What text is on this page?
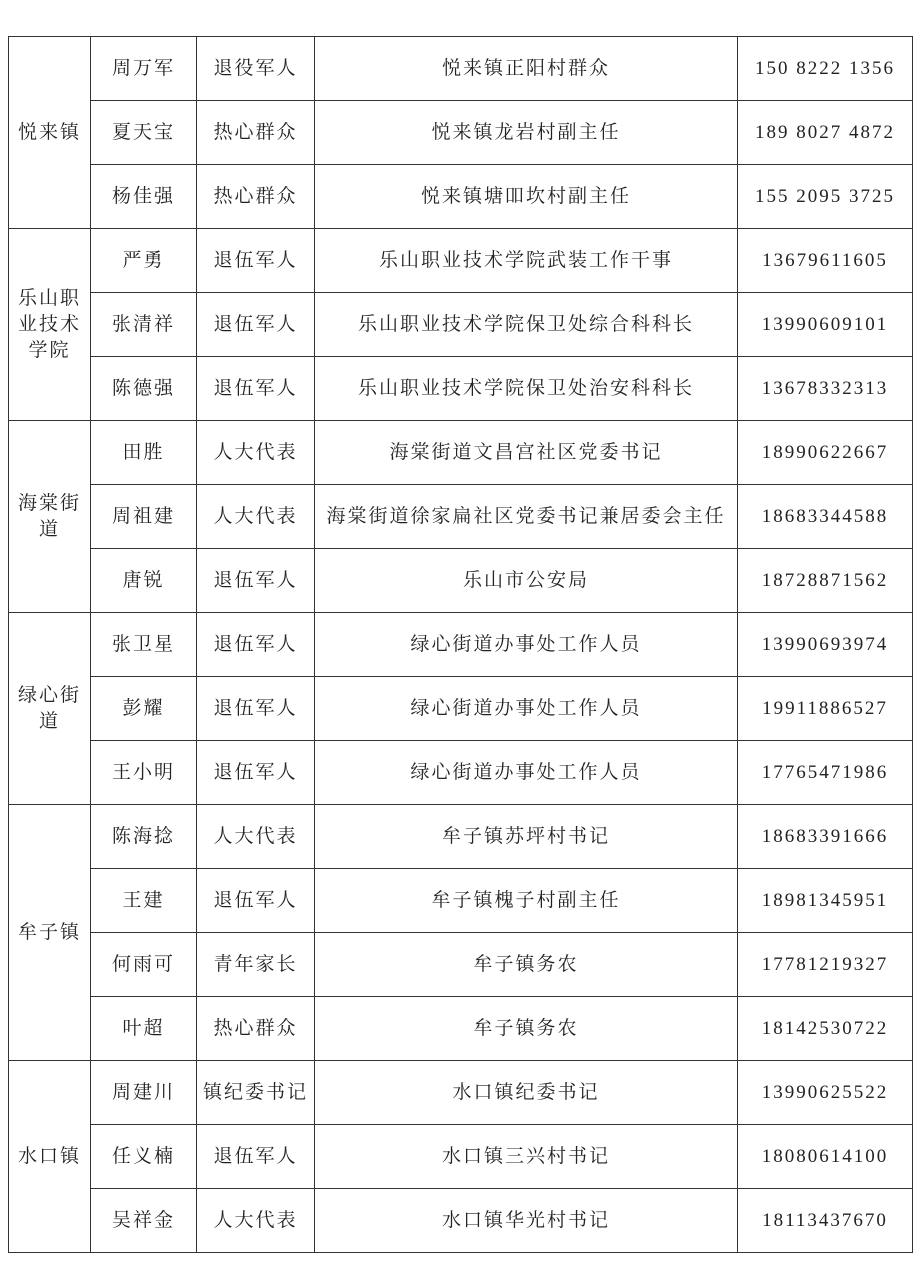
悦来镇	周万军	退役军人	悦来镇正阳村群众	150 8222 1356
	夏天宝	热心群众	悦来镇龙岩村副主任	189 8027 4872
	杨佳强	热心群众	悦来镇塘吅坎村副主任	155 2095 3725
乐山职业技术学院	严勇	退伍军人	乐山职业技术学院武装工作干事	13679611605
	张清祥	退伍军人	乐山职业技术学院保卫处综合科科长	13990609101
	陈德强	退伍军人	乐山职业技术学院保卫处治安科科长	13678332313
海棠街道	田胜	人大代表	海棠街道文昌宫社区党委书记	18990622667
	周祖建	人大代表	海棠街道徐家扁社区党委书记兼居委会主任	18683344588
	唐锐	退伍军人	乐山市公安局	18728871562
绿心街道	张卫星	退伍军人	绿心街道办事处工作人员	13990693974
	彭耀	退伍军人	绿心街道办事处工作人员	19911886527
	王小明	退伍军人	绿心街道办事处工作人员	17765471986
牟子镇	陈海捻	人大代表	牟子镇苏坪村书记	18683391666
	王建	退伍军人	牟子镇槐子村副主任	18981345951
	何雨可	青年家长	牟子镇务农	17781219327
	叶超	热心群众	牟子镇务农	18142530722
水口镇	周建川	镇纪委书记	水口镇纪委书记	13990625522
	任义楠	退伍军人	水口镇三兴村书记	18080614100
	吴祥金	人大代表	水口镇华光村书记	18113437670
